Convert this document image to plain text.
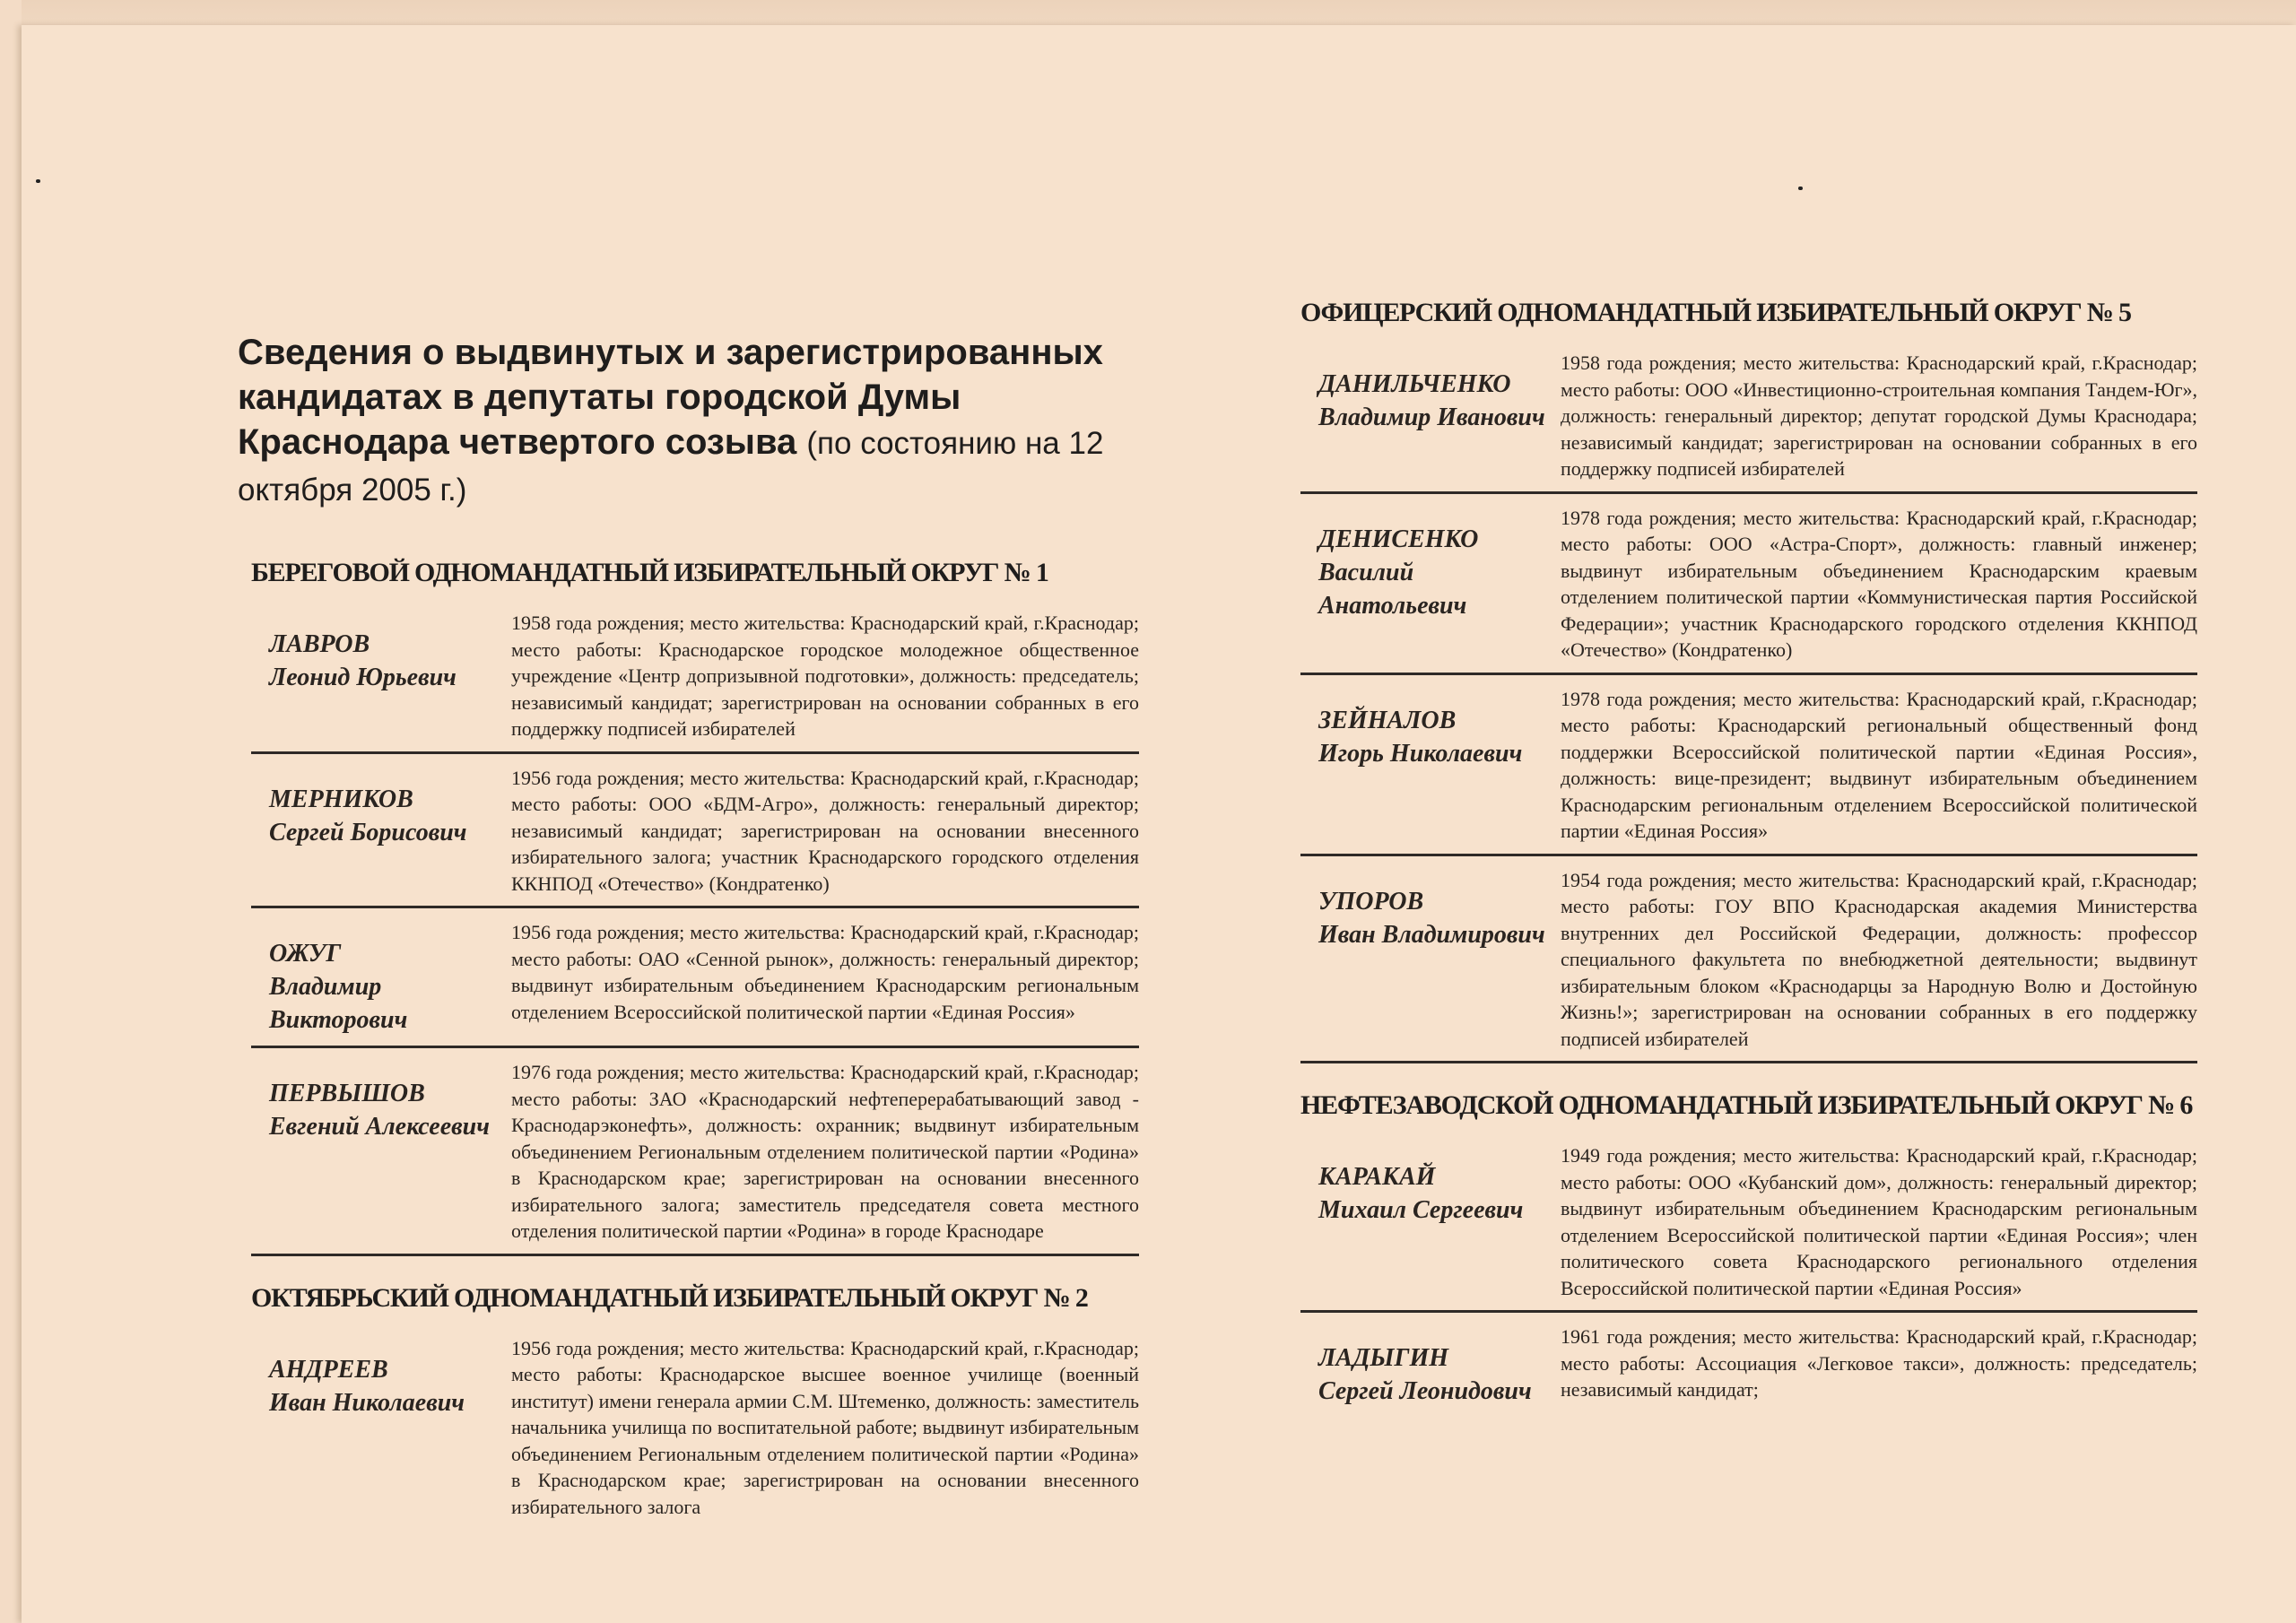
Сведения о выдвинутых и зарегистрированных кандидатах в депутаты городской Думы Краснодара четвертого созыва (по состоянию на 12 октября 2005 г.)
БЕРЕГОВОЙ ОДНОМАНДАТНЫЙ ИЗБИРАТЕЛЬНЫЙ ОКРУГ № 1
ЛАВРОВ
Леонид Юрьевич
1958 года рождения; место жительства: Краснодарский край, г.Краснодар; место работы: Краснодарское городское молодежное общественное учреждение «Центр допризывной подготовки», должность: председатель; независимый кандидат; зарегистрирован на основании собранных в его поддержку подписей избирателей
МЕРНИКОВ
Сергей Борисович
1956 года рождения; место жительства: Краснодарский край, г.Краснодар; место работы: ООО «БДМ-Агро», должность: генеральный директор; независимый кандидат; зарегистрирован на основании внесенного избирательного залога; участник Краснодарского городского отделения ККНПОД «Отечество» (Кондратенко)
ОЖУГ
Владимир Викторович
1956 года рождения; место жительства: Краснодарский край, г.Краснодар; место работы: ОАО «Сенной рынок», должность: генеральный директор; выдвинут избирательным объединением Краснодарским региональным отделением Всероссийской политической партии «Единая Россия»
ПЕРВЫШОВ
Евгений Алексеевич
1976 года рождения; место жительства: Краснодарский край, г.Краснодар; место работы: ЗАО «Краснодарский нефтеперерабатывающий завод - Краснодарэконефть», должность: охранник; выдвинут избирательным объединением Региональным отделением политической партии «Родина» в Краснодарском крае; зарегистрирован на основании внесенного избирательного залога; заместитель председателя совета местного отделения политической партии «Родина» в городе Краснодаре
ОКТЯБРЬСКИЙ ОДНОМАНДАТНЫЙ ИЗБИРАТЕЛЬНЫЙ ОКРУГ № 2
АНДРЕЕВ
Иван Николаевич
1956 года рождения; место жительства: Краснодарский край, г.Краснодар; место работы: Краснодарское высшее военное училище (военный институт) имени генерала армии С.М. Штеменко, должность: заместитель начальника училища по воспитательной работе; выдвинут избирательным объединением Региональным отделением политической партии «Родина» в Краснодарском крае; зарегистрирован на основании внесенного избирательного залога
ОФИЦЕРСКИЙ ОДНОМАНДАТНЫЙ ИЗБИРАТЕЛЬНЫЙ ОКРУГ № 5
ДАНИЛЬЧЕНКО
Владимир Иванович
1958 года рождения; место жительства: Краснодарский край, г.Краснодар; место работы: ООО «Инвестиционно-строительная компания Тандем-Юг», должность: генеральный директор; депутат городской Думы Краснодара; независимый кандидат; зарегистрирован на основании собранных в его поддержку подписей избирателей
ДЕНИСЕНКО
Василий Анатольевич
1978 года рождения; место жительства: Краснодарский край, г.Краснодар; место работы: ООО «Астра-Спорт», должность: главный инженер; выдвинут избирательным объединением Краснодарским краевым отделением политической партии «Коммунистическая партия Российской Федерации»; участник Краснодарского городского отделения ККНПОД «Отечество» (Кондратенко)
ЗЕЙНАЛОВ
Игорь Николаевич
1978 года рождения; место жительства: Краснодарский край, г.Краснодар; место работы: Краснодарский региональный общественный фонд поддержки Всероссийской политической партии «Единая Россия», должность: вице-президент; выдвинут избирательным объединением Краснодарским региональным отделением Всероссийской политической партии «Единая Россия»
УПОРОВ
Иван Владимирович
1954 года рождения; место жительства: Краснодарский край, г.Краснодар; место работы: ГОУ ВПО Краснодарская академия Министерства внутренних дел Российской Федерации, должность: профессор специального факультета по внебюджетной деятельности; выдвинут избирательным блоком «Краснодарцы за Народную Волю и Достойную Жизнь!»; зарегистрирован на основании собранных в его поддержку подписей избирателей
НЕФТЕЗАВОДСКОЙ ОДНОМАНДАТНЫЙ ИЗБИРАТЕЛЬНЫЙ ОКРУГ № 6
КАРАКАЙ
Михаил Сергеевич
1949 года рождения; место жительства: Краснодарский край, г.Краснодар; место работы: ООО «Кубанский дом», должность: генеральный директор; выдвинут избирательным объединением Краснодарским региональным отделением Всероссийской политической партии «Единая Россия»; член политического совета Краснодарского регионального отделения Всероссийской политической партии «Единая Россия»
ЛАДЫГИН
Сергей Леонидович
1961 года рождения; место жительства: Краснодарский край, г.Краснодар; место работы: Ассоциация «Легковое такси», должность: председатель; независимый кандидат;
